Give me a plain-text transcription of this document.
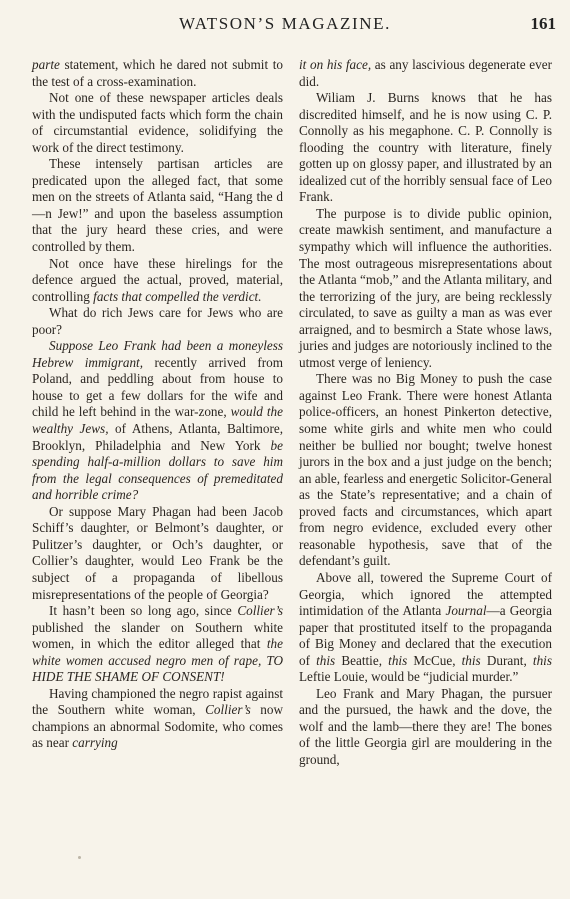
WATSON’S MAGAZINE.	161

parte statement, which he dared not submit to the test of a cross-examination.

Not one of these newspaper articles deals with the undisputed facts which form the chain of circumstantial evidence, solidifying the work of the direct testimony.

These intensely partisan articles are predicated upon the alleged fact, that some men on the streets of Atlanta said, “Hang the d—n Jew!” and upon the baseless assumption that the jury heard these cries, and were controlled by them.

Not once have these hirelings for the defence argued the actual, proved, material, controlling facts that compelled the verdict.

What do rich Jews care for Jews who are poor?

Suppose Leo Frank had been a moneyless Hebrew immigrant, recently arrived from Poland, and peddling about from house to house to get a few dollars for the wife and child he left behind in the war-zone, would the wealthy Jews, of Athens, Atlanta, Baltimore, Brooklyn, Philadelphia and New York be spending half-a-million dollars to save him from the legal consequences of premeditated and horrible crime?

Or suppose Mary Phagan had been Jacob Schiff’s daughter, or Belmont’s daughter, or Pulitzer’s daughter, or Och’s daughter, or Collier’s daughter, would Leo Frank be the subject of a propaganda of libellous misrepresentations of the people of Georgia?

It hasn’t been so long ago, since Collier’s published the slander on Southern white women, in which the editor alleged that the white women accused negro men of rape, TO HIDE THE SHAME OF CONSENT!

Having championed the negro rapist against the Southern white woman, Collier’s now champions an abnormal Sodomite, who comes as near carrying

it on his face, as any lascivious degenerate ever did.

Wiliam J. Burns knows that he has discredited himself, and he is now using C. P. Connolly as his megaphone. C. P. Connolly is flooding the country with literature, finely gotten up on glossy paper, and illustrated by an idealized cut of the horribly sensual face of Leo Frank.

The purpose is to divide public opinion, create mawkish sentiment, and manufacture a sympathy which will influence the authorities. The most outrageous misrepresentations about the Atlanta “mob,” and the Atlanta military, and the terrorizing of the jury, are being recklessly circulated, to save as guilty a man as was ever arraigned, and to besmirch a State whose laws, juries and judges are notoriously inclined to the utmost verge of leniency.

There was no Big Money to push the case against Leo Frank. There were honest Atlanta police-officers, an honest Pinkerton detective, some white girls and white men who could neither be bullied nor bought; twelve honest jurors in the box and a just judge on the bench; an able, fearless and energetic Solicitor-General as the State’s representative; and a chain of proved facts and circumstances, which apart from negro evidence, excluded every other reasonable hypothesis, save that of the defendant’s guilt.

Above all, towered the Supreme Court of Georgia, which ignored the attempted intimidation of the Atlanta Journal—a Georgia paper that prostituted itself to the propaganda of Big Money and declared that the execution of this Beattie, this McCue, this Durant, this Leftie Louie, would be “judicial murder.”

Leo Frank and Mary Phagan, the pursuer and the pursued, the hawk and the dove, the wolf and the lamb—there they are! The bones of the little Georgia girl are mouldering in the ground,
